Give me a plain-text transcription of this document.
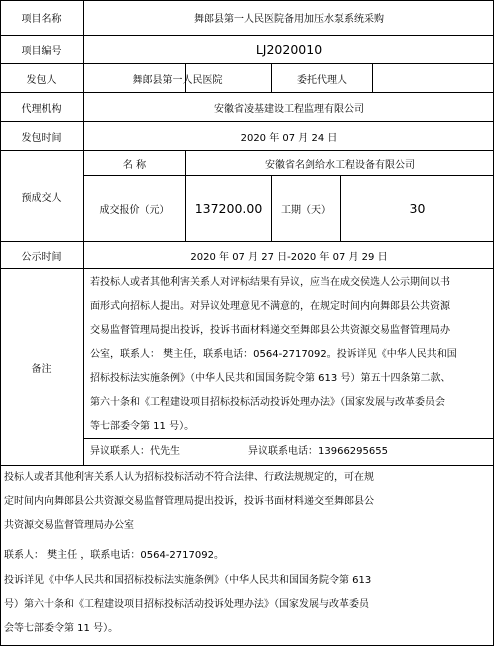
项目名称	舞郎县第一人民医院备用加压水泵系统采购
项目编号	LJ2020010
发包人	舞郎县第一人民医院	委托代理人
代理机构	安徽省凌基建设工程监理有限公司
发包时间	2020 年 07 月 24 日
预成交人
名 称	安徽省名剑给水工程设备有限公司
成交报价（元）	137200.00	工期（天）	30
公示时间	2020 年 07 月 27 日-2020 年 07 月 29 日
备注
若投标人或者其他利害关系人对评标结果有异议，应当在成交侯选人公示期间以书
面形式向招标人提出。对异议处理意见不满意的，在规定时间内向舞郎县公共资源
交易监督管理局提出投诉，投诉书面材料递交至舞郎县公共资源交易监督管理局办
公室，联系人： 樊主任，联系电话：0564-2717092。投诉详见《中华人民共和国
招标投标法实施条例》（中华人民共和国国务院令第 613 号）第五十四条第二款、
第六十条和《工程建设项目招标投标活动投诉处理办法》（国家发展与改革委员会
等七部委令第 11 号）。
异议联系人：代先生	异议联系电话：13966295655
投标人或者其他利害关系人认为招标投标活动不符合法律、行政法规规定的，可在规
定时间内向舞郎县公共资源交易监督管理局提出投诉，投诉书面材料递交至舞郎县公
共资源交易监督管理局办公室
联系人： 樊主任 ，联系电话：0564-2717092。
投诉详见《中华人民共和国招标投标法实施条例》（中华人民共和国国务院令第 613
号）第六十条和《工程建设项目招标投标活动投诉处理办法》（国家发展与改革委员
会等七部委令第 11 号）。
